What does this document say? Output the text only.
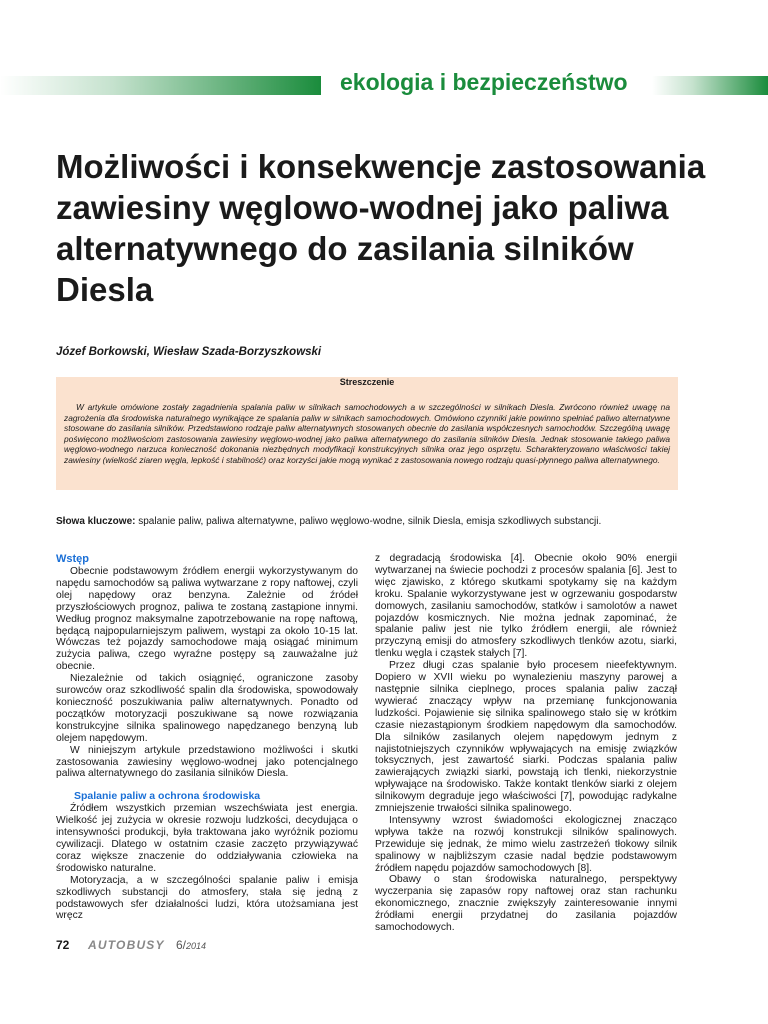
ekologia i bezpieczeństwo
Możliwości i konsekwencje zastosowania zawiesiny węglowo-wodnej jako paliwa alternatywnego do zasilania silników Diesla
Józef Borkowski, Wiesław Szada-Borzyszkowski
Streszczenie
W artykule omówione zostały zagadnienia spalania paliw w silnikach samochodowych a w szczególności w silnikach Diesla. Zwrócono również uwagę na zagrożenia dla środowiska naturalnego wynikające ze spalania paliw w silnikach samochodowych. Omówiono czynniki jakie powinno spełniać paliwo alternatywne stosowane do zasilania silników. Przedstawiono rodzaje paliw alternatywnych stosowanych obecnie do zasilania współczesnych samochodów. Szczególną uwagę poświęcono możliwościom zastosowania zawiesiny węglowo-wodnej jako paliwa alternatywnego do zasilania silników Diesla. Jednak stosowanie takiego paliwa węglowo-wodnego narzuca konieczność dokonania niezbędnych modyfikacji konstrukcyjnych silnika oraz jego osprzętu. Scharakteryzowano właściwości takiej zawiesiny (wielkość ziaren węgla, lepkość i stabilność) oraz korzyści jakie mogą wynikać z zastosowania nowego rodzaju quasi-płynnego paliwa alternatywnego.
Słowa kluczowe: spalanie paliw, paliwa alternatywne, paliwo węglowo-wodne, silnik Diesla, emisja szkodliwych substancji.
Wstęp

Obecnie podstawowym źródłem energii wykorzystywanym do napędu samochodów są paliwa wytwarzane z ropy naftowej, czyli olej napędowy oraz benzyna. Zależnie od źródeł przyszłościowych prognoz, paliwa te zostaną zastąpione innymi. Według prognoz maksymalne zapotrzebowanie na ropę naftową, będącą najpopularniejszym paliwem, wystąpi za około 10-15 lat. Wówczas też pojazdy samochodowe mają osiągać minimum zużycia paliwa, czego wyraźne postępy są zauważalne już obecnie.

Niezależnie od takich osiągnięć, ograniczone zasoby surowców oraz szkodliwość spalin dla środowiska, spowodowały konieczność poszukiwania paliw alternatywnych. Ponadto od początków motoryzacji poszukiwane są nowe rozwiązania konstrukcyjne silnika spalinowego napędzanego benzyną lub olejem napędowym.

W niniejszym artykule przedstawiono możliwości i skutki zastosowania zawiesiny węglowo-wodnej jako potencjalnego paliwa alternatywnego do zasilania silników Diesla.

Spalanie paliw a ochrona środowiska

Źródłem wszystkich przemian wszechświata jest energia. Wielkość jej zużycia w okresie rozwoju ludzkości, decydująca o intensywności produkcji, była traktowana jako wyróżnik poziomu cywilizacji. Dlatego w ostatnim czasie zaczęto przywiązywać coraz większe znaczenie do oddziaływania człowieka na środowisko naturalne.

Motoryzacja, a w szczególności spalanie paliw i emisja szkodliwych substancji do atmosfery, stała się jedną z podstawowych sfer działalności ludzi, która utożsamiana jest wręcz

z degradacją środowiska [4]. Obecnie około 90% energii wytwarzanej na świecie pochodzi z procesów spalania [6]. Jest to więc zjawisko, z którego skutkami spotykamy się na każdym kroku. Spalanie wykorzystywane jest w ogrzewaniu gospodarstw domowych, zasilaniu samochodów, statków i samolotów a nawet pojazdów kosmicznych. Nie można jednak zapominać, że spalanie paliw jest nie tylko źródłem energii, ale również przyczyną emisji do atmosfery szkodliwych tlenków azotu, siarki, tlenku węgla i cząstek stałych [7].

Przez długi czas spalanie było procesem nieefektywnym. Dopiero w XVII wieku po wynalezieniu maszyny parowej a następnie silnika cieplnego, proces spalania paliw zaczął wywierać znaczący wpływ na przemianę funkcjonowania ludzkości. Pojawienie się silnika spalinowego stało się w krótkim czasie niezastąpionym środkiem napędowym dla samochodów. Dla silników zasilanych olejem napędowym jednym z najistotniejszych czynników wpływających na emisję związków toksycznych, jest zawartość siarki. Podczas spalania paliw zawierających związki siarki, powstają ich tlenki, niekorzystnie wpływające na środowisko. Także kontakt tlenków siarki z olejem silnikowym degraduje jego właściwości [7], powodując radykalne zmniejszenie trwałości silnika spalinowego.

Intensywny wzrost świadomości ekologicznej znacząco wpływa także na rozwój konstrukcji silników spalinowych. Przewiduje się jednak, że mimo wielu zastrzeżeń tłokowy silnik spalinowy w najbliższym czasie nadal będzie podstawowym źródłem napędu pojazdów samochodowych [8].

Obawy o stan środowiska naturalnego, perspektywy wyczerpania się zapasów ropy naftowej oraz stan rachunku ekonomicznego, znacznie zwiększyły zainteresowanie innymi źródłami energii przydatnej do zasilania pojazdów samochodowych.

72 AUTOBUSY 6/2014
